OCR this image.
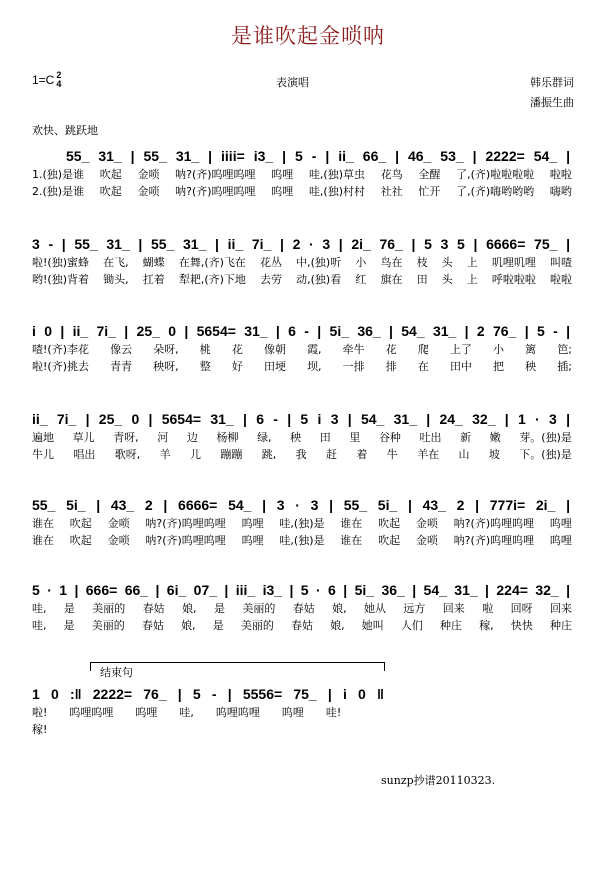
是谁吹起金唢呐
1=C 2
4	表演唱	韩乐群词
潘振生曲
欢快、跳跃地
55_ 31_ | 55_ 31_ | iiii= i3_ | 5 - | ii_ 66_ | 46_ 53_ | 2222= 54_ |
1.(独)是谁 吹起 金唢 呐?(齐)呜哩呜哩 呜哩 哇,(独)草虫 花鸟 全醒 了,(齐)啦啦啦啦 啦啦
2.(独)是谁 吹起 金唢 呐?(齐)呜哩呜哩 呜哩 哇,(独)村村 社社 忙开 了,(齐)嗨哟哟哟 嗨哟
3 - | 55_ 31_ | 55_ 31_ | ii_ 7i_ | 2 · 3 | 2i_ 76_ | 5 3 5 | 6666= 75_ |
啦!(独)蜜蜂 在飞, 蝴蝶 在舞,(齐)飞在 花丛 中,(独)听 小 鸟在 枝 头 上 叽哩叽哩 叫喳
哟!(独)背着 锄头, 扛着 犁耙,(齐)下地 去劳 动,(独)看 红 旗在 田 头 上 呼啦啦啦 啦啦
i 0 | ii_ 7i_ | 25_ 0 | 5654= 31_ | 6 - | 5i_ 36_ | 54_ 31_ | 2 76_ | 5 - |
喳!(齐)李花 像云 朵呀, 桃 花 像朝 霞, 牵牛 花 爬 上了 小 篱 笆;
啦!(齐)挑去 青青 秧呀, 整 好 田埂 坝, 一排 排 在 田中 把 秧 插;
ii_ 7i_ | 25_ 0 | 5654= 31_ | 6 - | 5 i 3 | 54_ 31_ | 24_ 32_ | 1 · 3 |
遍地 草儿 青呀, 河 边 杨柳 绿, 秧 田 里 谷种 吐出 新 嫩 芽。(独)是
牛儿 唱出 歌呀, 羊 儿 蹦蹦 跳, 我 赶 着 牛 羊在 山 坡 下。(独)是
55_ 5i_ | 43_ 2 | 6666= 54_ | 3 · 3 | 55_ 5i_ | 43_ 2 | 777i= 2i_ |
谁在 吹起 金唢 呐?(齐)呜哩呜哩 呜哩 哇,(独)是 谁在 吹起 金唢 呐?(齐)呜哩呜哩 呜哩
谁在 吹起 金唢 呐?(齐)呜哩呜哩 呜哩 哇,(独)是 谁在 吹起 金唢 呐?(齐)呜哩呜哩 呜哩
5 · 1 | 666= 66_ | 6i_ 07_ | iii_ i3_ | 5 · 6 | 5i_ 36_ | 54_ 31_ | 224= 32_ |
哇, 是 美丽的 春姑 娘, 是 美丽的 春姑 娘, 她从 远方 回来 啦 回呀 回来
哇, 是 美丽的 春姑 娘, 是 美丽的 春姑 娘, 她叫 人们 种庄 稼, 快快 种庄
1 0 :‖ 2222= 76_ | 5 - | 5556= 75_ | i 0 ‖
啦! 呜哩呜哩 呜哩 哇, 呜哩呜哩 呜哩 哇!
稼!
结束句
sunzp抄谱20110323.
